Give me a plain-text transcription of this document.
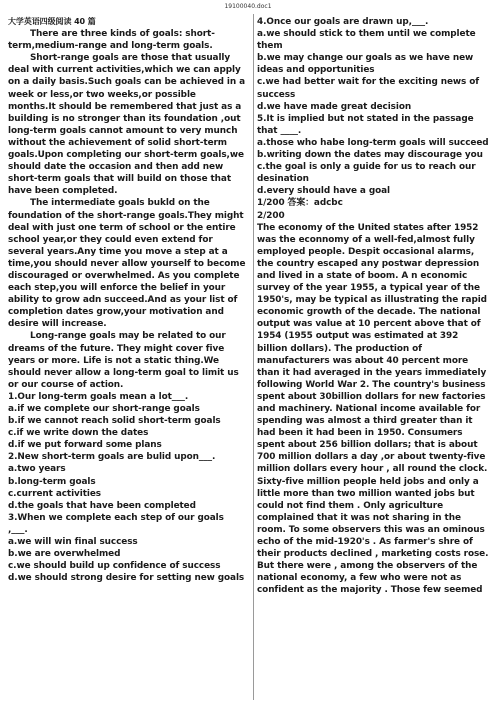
19100040.doc1

大学英语四级阅读 40 篇

There are three kinds of goals: short-term,medium-range and long-term goals.

Short-range goals are those that usually deal with current activities,which we can apply on a daily basis.Such goals can be achieved in a week or less,or two weeks,or possible months.It should be remembered that just as a building is no stronger than its foundation ,out long-term goals cannot amount to very munch without the achievement of solid short-term goals.Upon completing our short-term goals,we should date the occasion and then add new short-term goals that will build on those that have been completed.

The intermediate goals bukld on the foundation of the short-range goals.They might deal with just one term of school or the entire school year,or they could even extend for several years.Any time you move a step at a time,you should never allow yourself to become discouraged or overwhelmed. As you complete each step,you will enforce the belief in your ability to grow adn succeed.And as your list of completion dates grow,your motivation and desire will increase.

Long-range goals may be related to our dreams of the future. They might cover five years or more. Life is not a static thing.We should never allow a long-term goal to limit us or our course of action.

1.Our long-term goals mean a lot___.

a.if we complete our short-range goals

b.if we cannot reach solid short-term goals

c.if we write down the dates

d.if we put forward some plans

2.New short-term goals are bulid upon___.

a.two years

b.long-term goals

c.current activities

d.the goals that have been completed

3.When we complete each step of our goals ,___.

a.we will win final success

b.we are overwhelmed

c.we should build up confidence of success

d.we should strong desire for setting new goals

4.Once our goals are drawn up,___.

a.we should stick to them until we complete them

b.we may change our goals as we have new ideas and opportunities

c.we had better wait for the exciting news of success

d.we have made great decision

5.It is implied but not stated in the passage that ____.

a.those who habe long-term goals will succeed

b.writing down the dates may discourage you

c.the goal is only a guide for us to reach our desination

d.every should have a goal

1/200 答案：adcbc

2/200

The economy of the United states after 1952 was the econnomy of a well-fed,almost fully employed people. Despit occasional alarms, the country escaped any postwar depression and lived in a state of boom. A n economic survey of the year 1955, a typical year of the 1950's, may be typical as illustrating the rapid economic growth of the decade. The national output was value at 10 percent above that of 1954 (1955 output was estimated at 392 billion dollars). The production of manufacturers was about 40 percent more than it had averaged in the years immediately following World War 2. The country's business spent about 30billion dollars for new factories and machinery. National income available for spending was almost a third greater than it had been it had been in 1950. Consumers spent about 256 billion dollars; that is about 700 million dollars a day ,or about twenty-five million dollars every hour , all round the clock. Sixty-five million people held jobs and only a little more than two million wanted jobs but could not find them . Only agriculture complained that it was not sharing in the room. To some observers this was an ominous echo of the mid-1920's . As farmer's shre of their products declined , marketing costs rose. But there were , among the observers of the national economy, a few who were not as confident as the majority . Those few seemed
